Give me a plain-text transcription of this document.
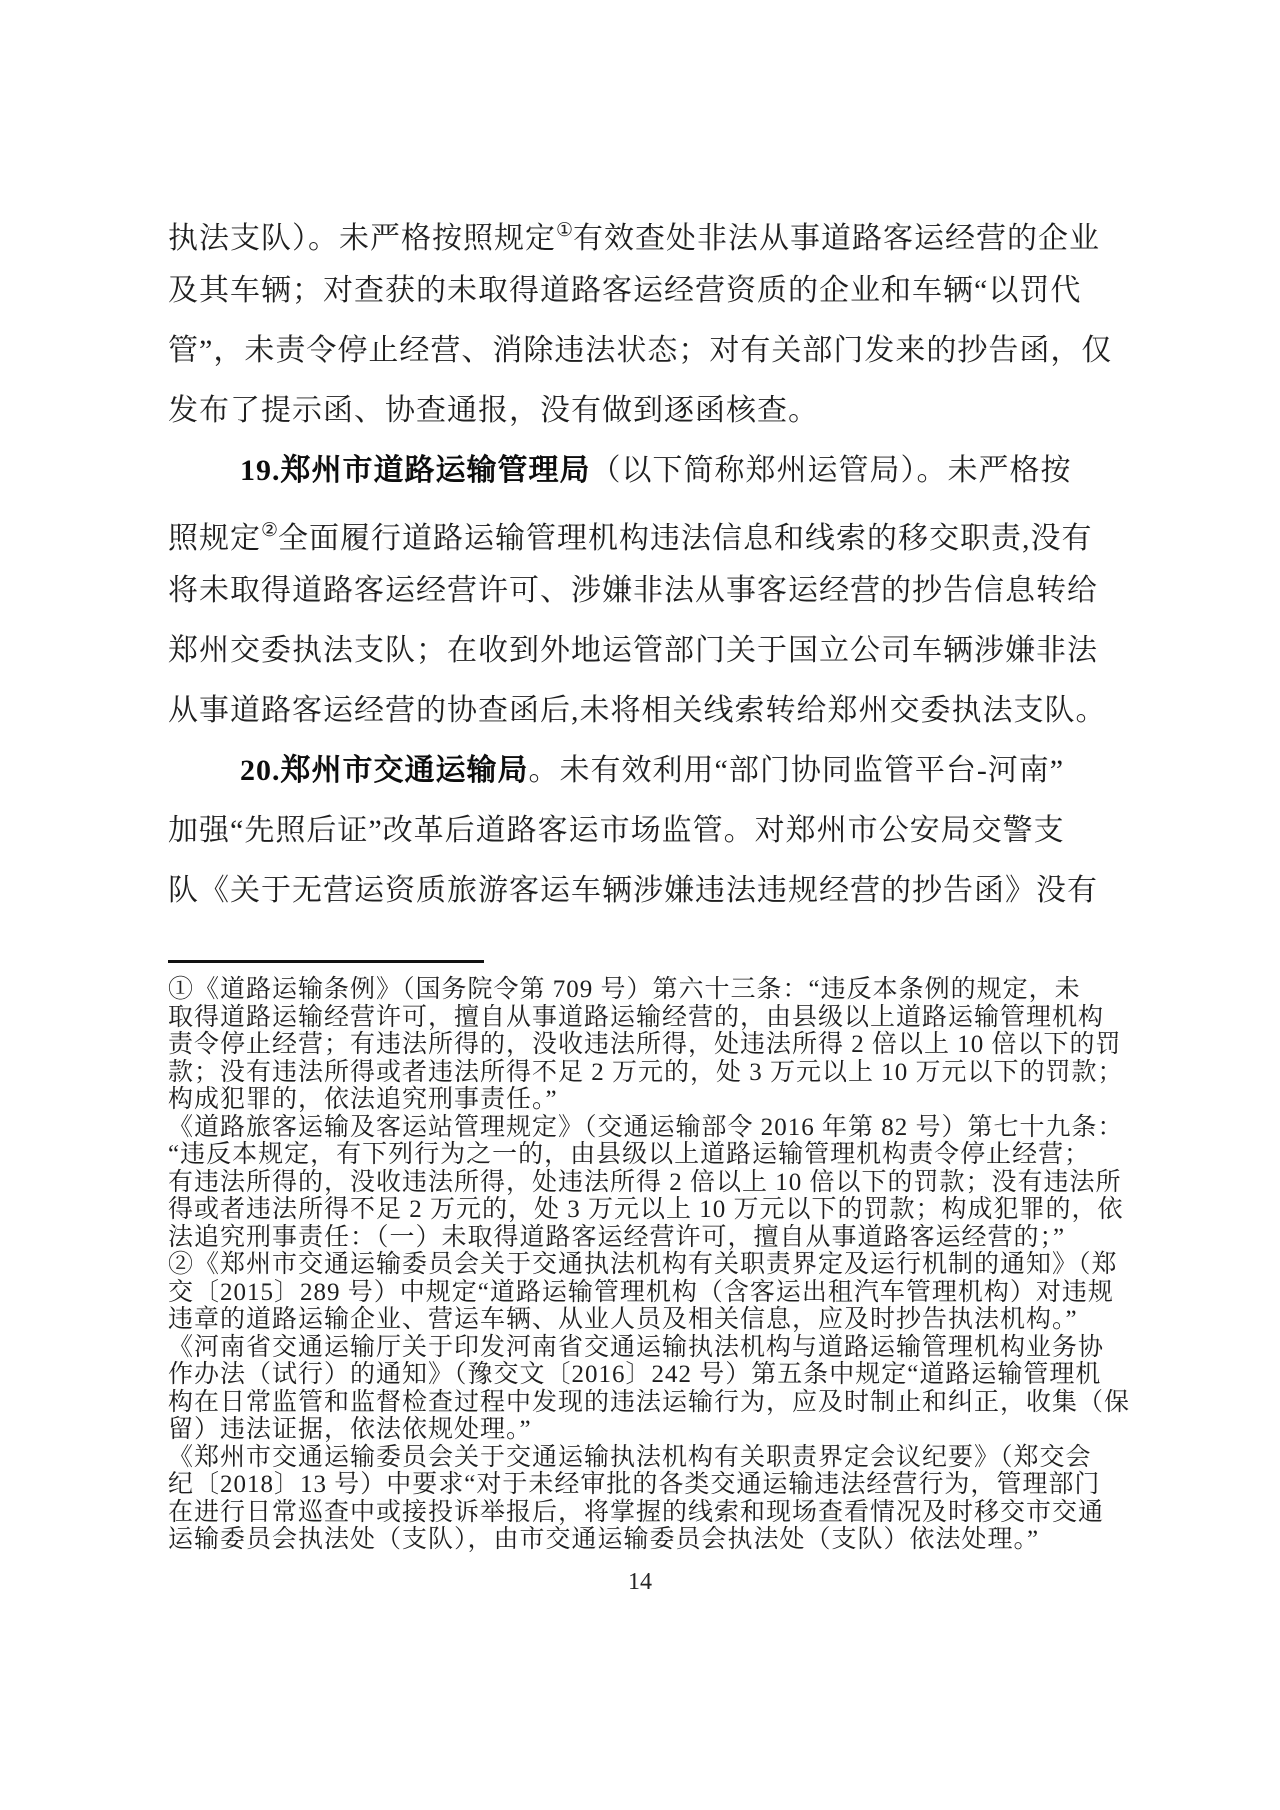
执法支队）。未严格按照规定①有效查处非法从事道路客运经营的企业
及其车辆；对查获的未取得道路客运经营资质的企业和车辆“以罚代
管”，未责令停止经营、消除违法状态；对有关部门发来的抄告函，仅
发布了提示函、协查通报，没有做到逐函核查。
19.郑州市道路运输管理局（以下简称郑州运管局）。未严格按
照规定②全面履行道路运输管理机构违法信息和线索的移交职责,没有
将未取得道路客运经营许可、涉嫌非法从事客运经营的抄告信息转给
郑州交委执法支队；在收到外地运管部门关于国立公司车辆涉嫌非法
从事道路客运经营的协查函后,未将相关线索转给郑州交委执法支队。
20.郑州市交通运输局。未有效利用“部门协同监管平台-河南”
加强“先照后证”改革后道路客运市场监管。对郑州市公安局交警支
队《关于无营运资质旅游客运车辆涉嫌违法违规经营的抄告函》没有
①《道路运输条例》（国务院令第 709 号）第六十三条：“违反本条例的规定，未
取得道路运输经营许可，擅自从事道路运输经营的，由县级以上道路运输管理机构
责令停止经营；有违法所得的，没收违法所得，处违法所得 2 倍以上 10 倍以下的罚
款；没有违法所得或者违法所得不足 2 万元的，处 3 万元以上 10 万元以下的罚款；
构成犯罪的，依法追究刑事责任。”
《道路旅客运输及客运站管理规定》（交通运输部令 2016 年第 82 号）第七十九条：
“违反本规定，有下列行为之一的，由县级以上道路运输管理机构责令停止经营；
有违法所得的，没收违法所得，处违法所得 2 倍以上 10 倍以下的罚款；没有违法所
得或者违法所得不足 2 万元的，处 3 万元以上 10 万元以下的罚款；构成犯罪的，依
法追究刑事责任：（一）未取得道路客运经营许可，擅自从事道路客运经营的；”
②《郑州市交通运输委员会关于交通执法机构有关职责界定及运行机制的通知》（郑
交〔2015〕289 号）中规定“道路运输管理机构（含客运出租汽车管理机构）对违规
违章的道路运输企业、营运车辆、从业人员及相关信息，应及时抄告执法机构。”
《河南省交通运输厅关于印发河南省交通运输执法机构与道路运输管理机构业务协
作办法（试行）的通知》（豫交文〔2016〕242 号）第五条中规定“道路运输管理机
构在日常监管和监督检查过程中发现的违法运输行为，应及时制止和纠正，收集（保
留）违法证据，依法依规处理。”
《郑州市交通运输委员会关于交通运输执法机构有关职责界定会议纪要》（郑交会
纪〔2018〕13 号）中要求“对于未经审批的各类交通运输违法经营行为，管理部门
在进行日常巡查中或接投诉举报后，将掌握的线索和现场查看情况及时移交市交通
运输委员会执法处（支队），由市交通运输委员会执法处（支队）依法处理。”
14
